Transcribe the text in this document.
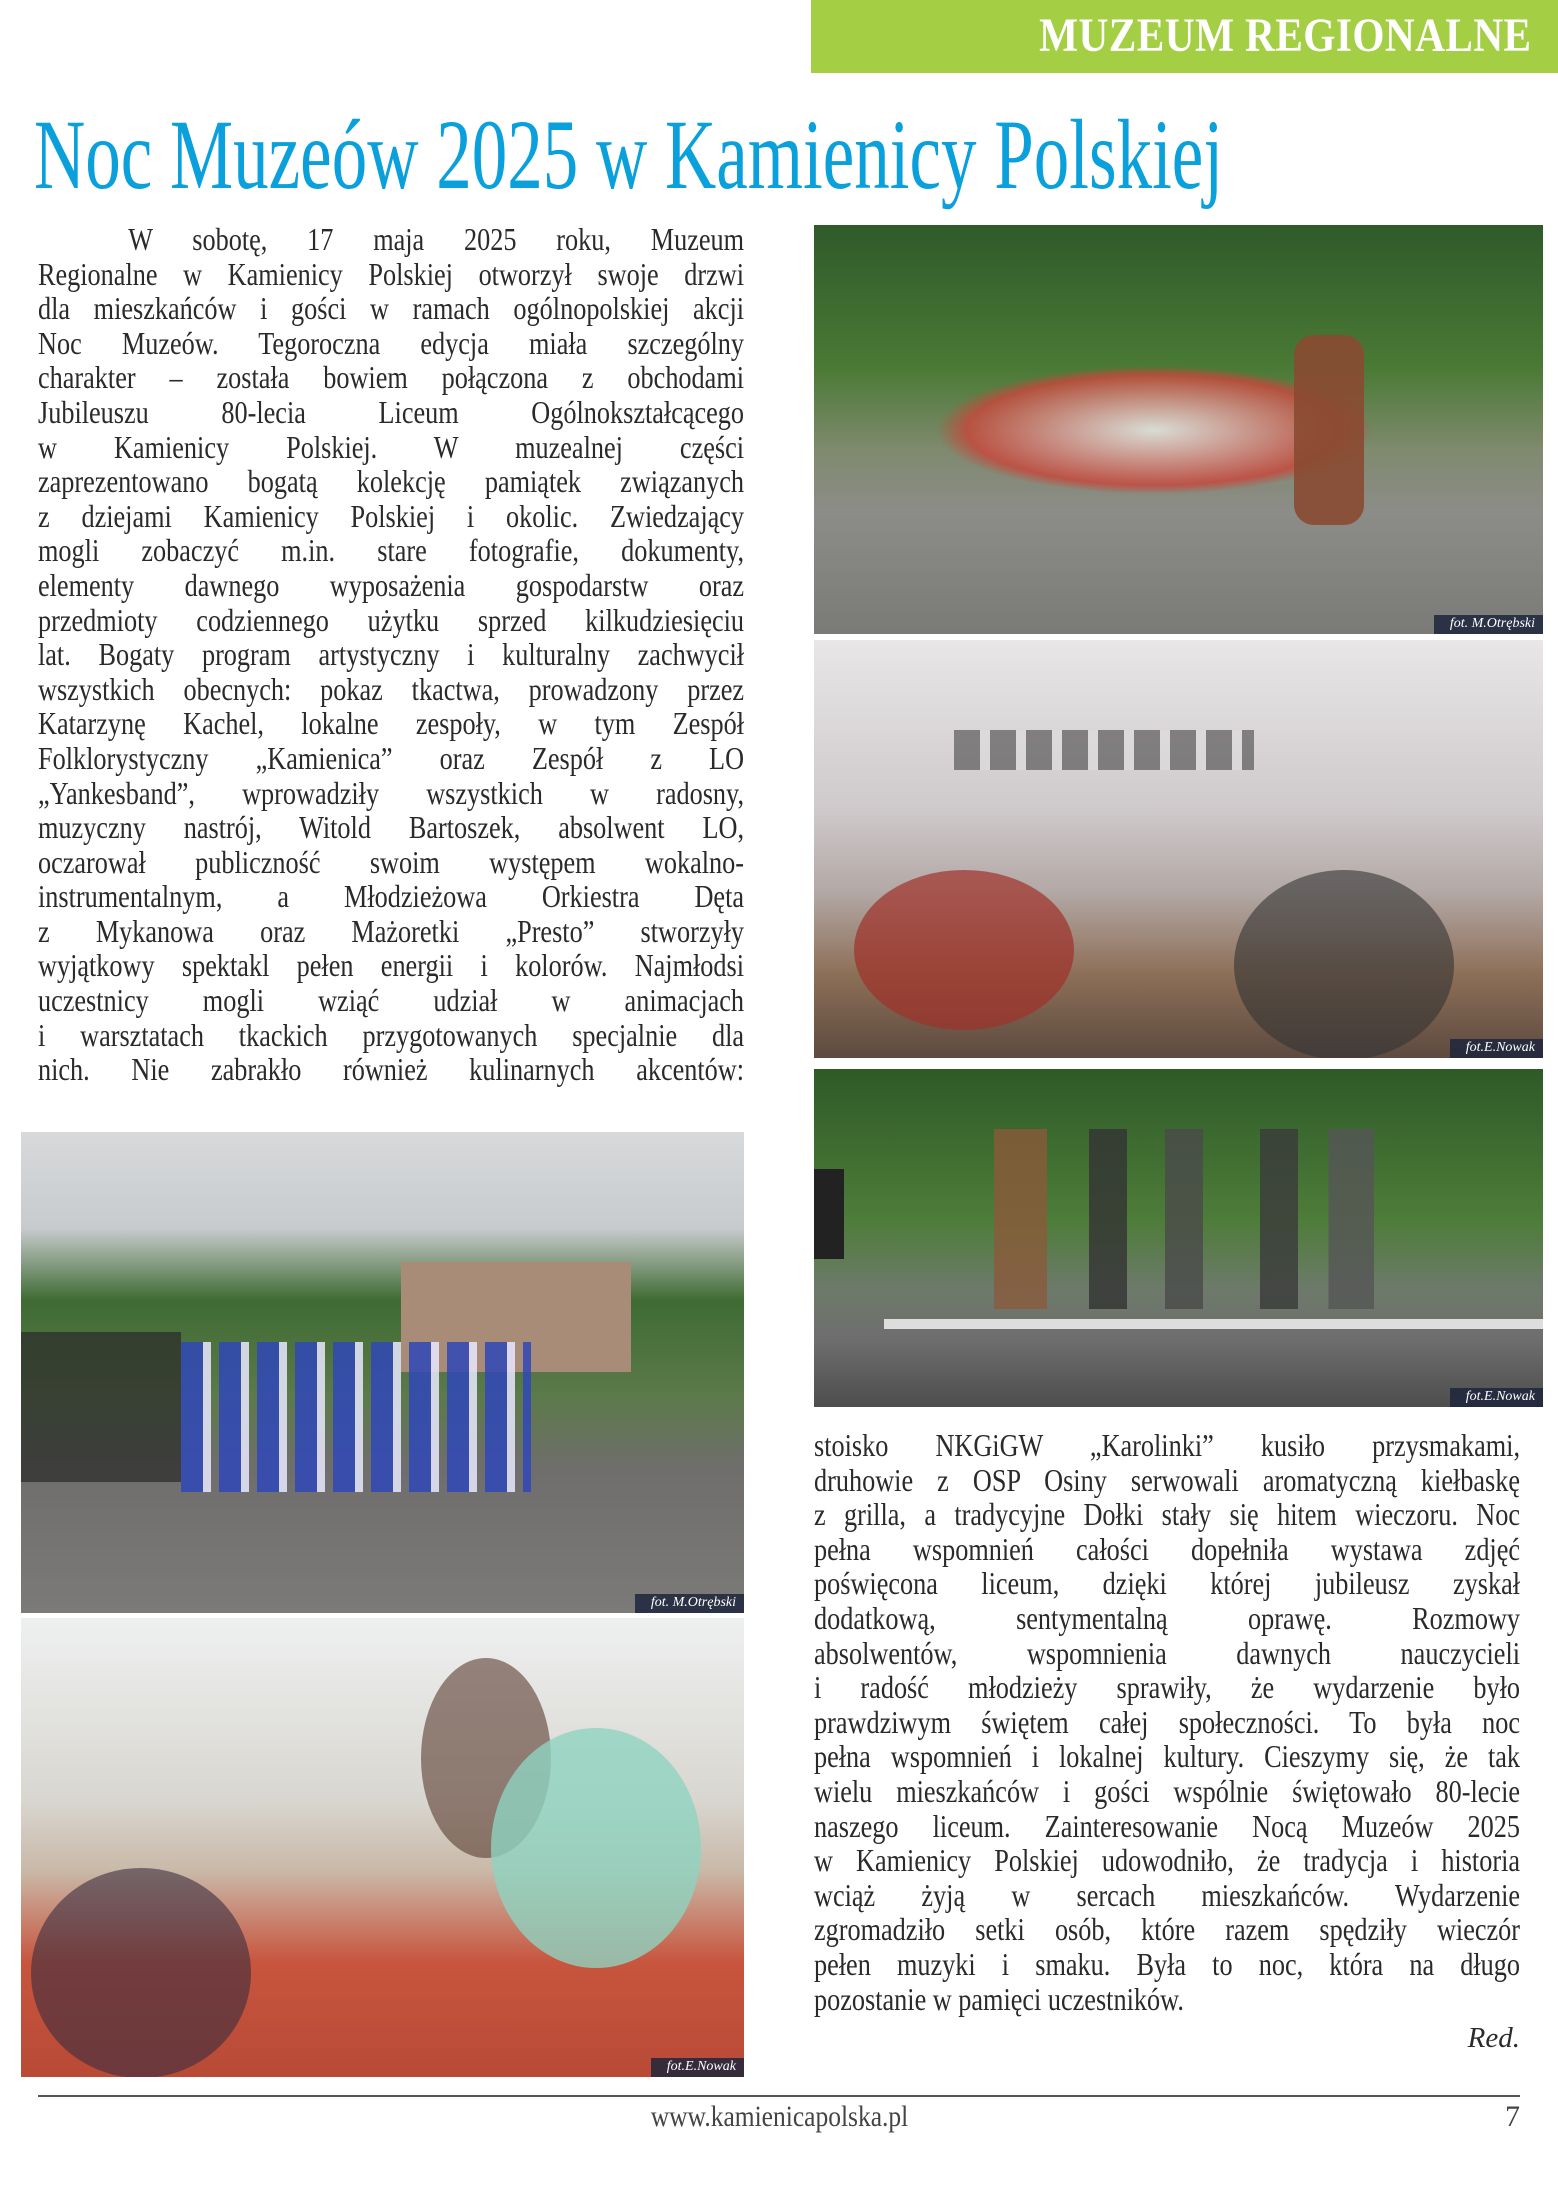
MUZEUM REGIONALNE
Noc Muzeów 2025 w Kamienicy Polskiej
W sobotę, 17 maja 2025 roku, Muzeum
Regionalne w Kamienicy Polskiej otworzył swoje drzwi
dla mieszkańców i gości w ramach ogólnopolskiej akcji
Noc Muzeów. Tegoroczna edycja miała szczególny
charakter – została bowiem połączona z obchodami
Jubileuszu 80-lecia Liceum Ogólnokształcącego
w Kamienicy Polskiej. W muzealnej części
zaprezentowano bogatą kolekcję pamiątek związanych
z dziejami Kamienicy Polskiej i okolic. Zwiedzający
mogli zobaczyć m.in. stare fotografie, dokumenty,
elementy dawnego wyposażenia gospodarstw oraz
przedmioty codziennego użytku sprzed kilkudziesięciu
lat. Bogaty program artystyczny i kulturalny zachwycił
wszystkich obecnych: pokaz tkactwa, prowadzony przez
Katarzynę Kachel, lokalne zespoły, w tym Zespół
Folklorystyczny „Kamienica” oraz Zespół z LO
„Yankesband”, wprowadziły wszystkich w radosny,
muzyczny nastrój, Witold Bartoszek, absolwent LO,
oczarował publiczność swoim występem wokalno-
instrumentalnym, a Młodzieżowa Orkiestra Dęta
z Mykanowa oraz Mażoretki „Presto” stworzyły
wyjątkowy spektakl pełen energii i kolorów. Najmłodsi
uczestnicy mogli wziąć udział w animacjach
i warsztatach tkackich przygotowanych specjalnie dla
nich. Nie zabrakło również kulinarnych akcentów:
stoisko NKGiGW „Karolinki” kusiło przysmakami,
druhowie z OSP Osiny serwowali aromatyczną kiełbaskę
z grilla, a tradycyjne Dołki stały się hitem wieczoru. Noc
pełna wspomnień całości dopełniła wystawa zdjęć
poświęcona liceum, dzięki której jubileusz zyskał
dodatkową, sentymentalną oprawę. Rozmowy
absolwentów, wspomnienia dawnych nauczycieli
i radość młodzieży sprawiły, że wydarzenie było
prawdziwym świętem całej społeczności. To była noc
pełna wspomnień i lokalnej kultury. Cieszymy się, że tak
wielu mieszkańców i gości wspólnie świętowało 80-lecie
naszego liceum. Zainteresowanie Nocą Muzeów 2025
w Kamienicy Polskiej udowodniło, że tradycja i historia
wciąż żyją w sercach mieszkańców. Wydarzenie
zgromadziło setki osób, które razem spędziły wieczór
pełen muzyki i smaku. Była to noc, która na długo
pozostanie w pamięci uczestników.
fot. M.Otrębski
fot.E.Nowak
fot.E.Nowak
fot. M.Otrębski
fot.E.Nowak
Red.
www.kamienicapolska.pl	7
